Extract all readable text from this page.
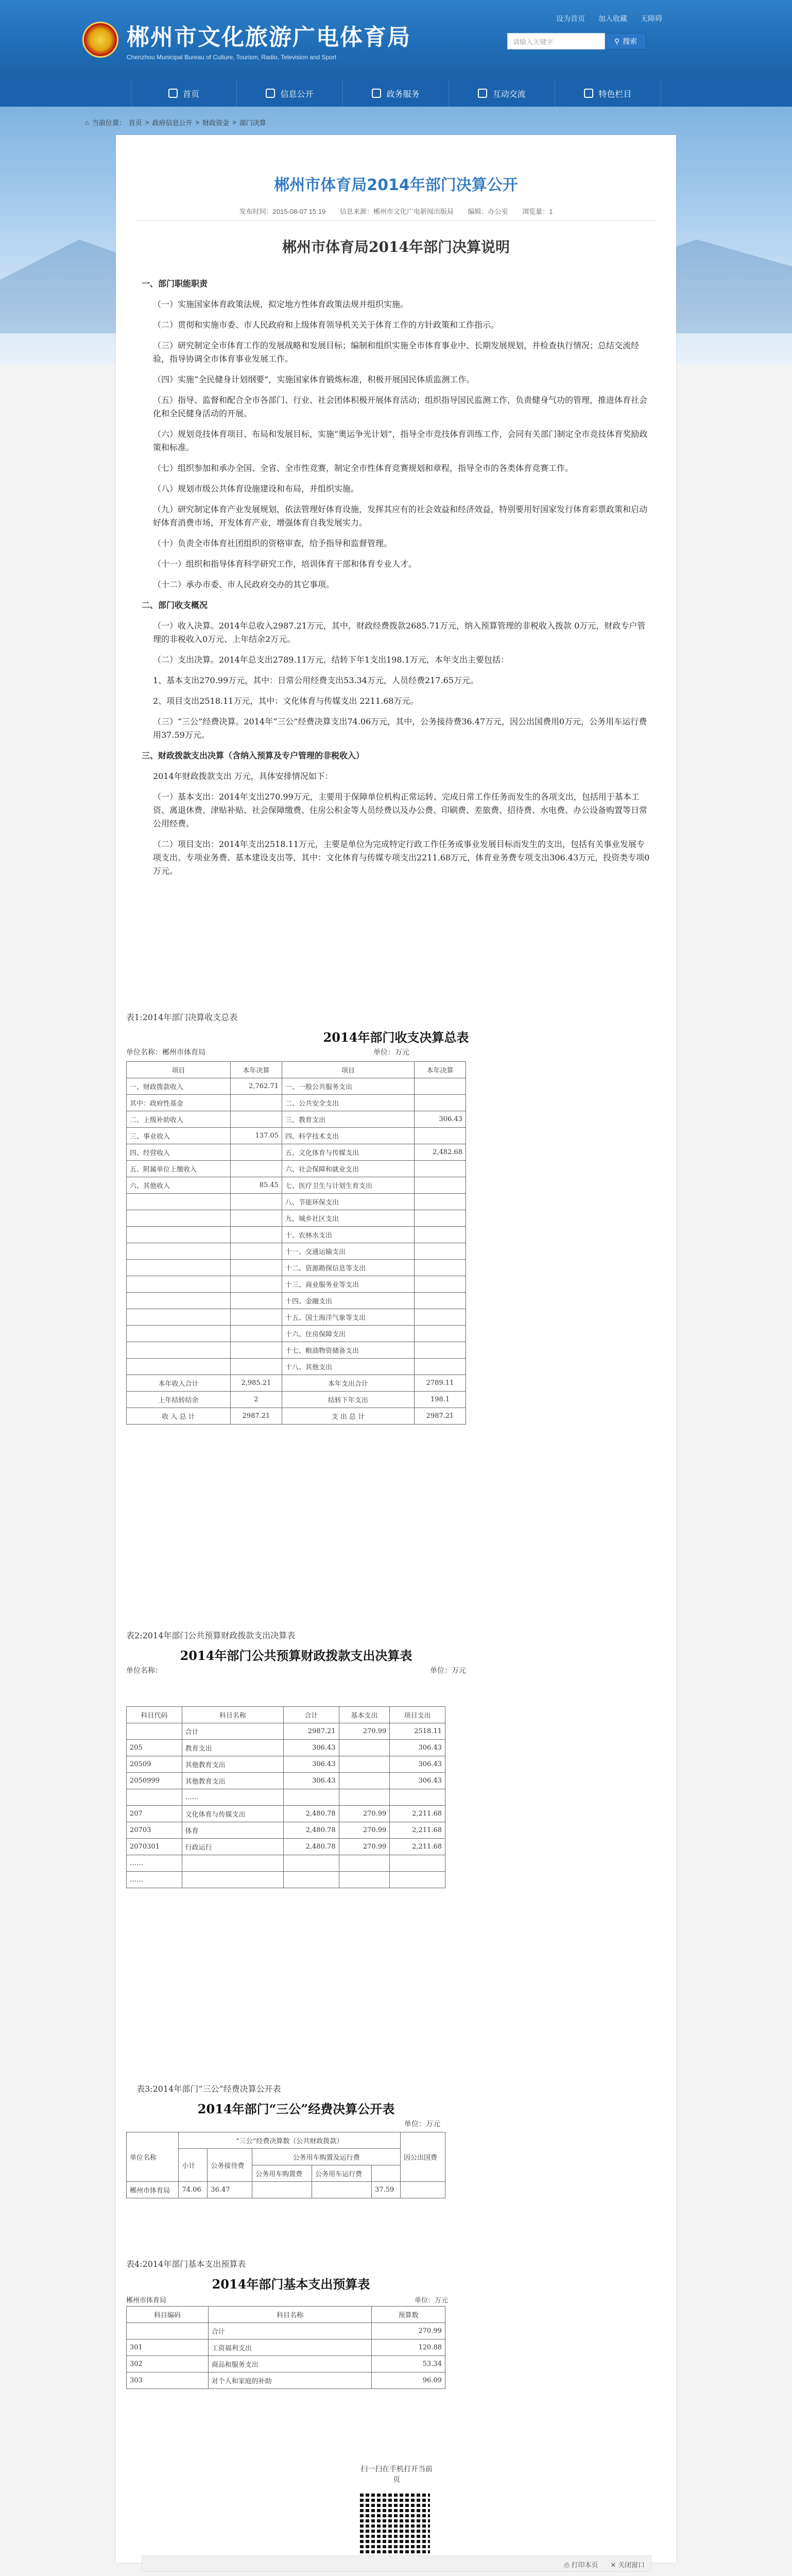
设为首页 加入收藏 无障碍
郴州市文化旅游广电体育局
Chenzhou Municipal Bureau of Culture, Tourism, Radio, Television and Sport
请输入关键字	⚲ 搜索
首页	信息公开	政务服务	互动交流	特色栏目
⌂ 当前位置： 首页 > 政府信息公开 > 财政资金 > 部门决算
郴州市体育局2014年部门决算公开
发布时间：2015-08-07 15:19 信息来源：郴州市文化广电新闻出版局 编辑：办公室 浏览量：1
郴州市体育局2014年部门决算说明

一、部门职能职责

（一）实施国家体育政策法规，拟定地方性体育政策法规并组织实施。

（二）贯彻和实施市委、市人民政府和上级体育领导机关关于体育工作的方针政策和工作指示。

（三）研究制定全市体育工作的发展战略和发展目标；编制和组织实施全市体育事业中、长期发展规划，并检查执行情况；总结交流经验，指导协调全市体育事业发展工作。

（四）实施“全民健身计划纲要”，实施国家体育锻炼标准，积极开展国民体质监测工作。

（五）指导、监督和配合全市各部门、行业、社会团体积极开展体育活动；组织指导国民监测工作，负责健身气功的管理，推进体育社会化和全民健身活动的开展。

（六）规划竞技体育项目、布局和发展目标，实施“奥运争光计划”，指导全市竞技体育训练工作，会同有关部门制定全市竞技体育奖励政策和标准。

（七）组织参加和承办全国、全省、全市性竞赛，制定全市性体育竞赛规划和章程，指导全市的各类体育竞赛工作。

（八）规划市级公共体育设施建设和布局，并组织实施。

（九）研究制定体育产业发展规划，依法管理好体育设施，发挥其应有的社会效益和经济效益，特别要用好国家发行体育彩票政策和启动好体育消费市场，开发体育产业，增强体育自我发展实力。

（十）负责全市体育社团组织的资格审查，给予指导和监督管理。

（十一）组织和指导体育科学研究工作，培训体育干部和体育专业人才。

（十二）承办市委、市人民政府交办的其它事项。

二、部门收支概况

（一）收入决算。2014年总收入2987.21万元，其中，财政经费拨款2685.71万元，纳入预算管理的非税收入拨款 0万元，财政专户管理的非税收入0万元、上年结余2万元。

（二）支出决算。2014年总支出2789.11万元，结转下年1支出198.1万元，本年支出主要包括：

1、基本支出270.99万元，其中：日常公用经费支出53.34万元，人员经费217.65万元。

2、项目支出2518.11万元，其中：文化体育与传媒支出 2211.68万元。

（三）“三公”经费决算。2014年“三公”经费决算支出74.06万元，其中，公务接待费36.47万元，因公出国费用0万元，公务用车运行费用37.59万元。

三、财政拨款支出决算（含纳入预算及专户管理的非税收入）

2014年财政拨款支出 万元，具体安排情况如下：

（一）基本支出：2014年支出270.99万元，主要用于保障单位机构正常运转、完成日常工作任务而发生的各项支出，包括用于基本工资、离退休费、津贴补贴、社会保障缴费、住房公积金等人员经费以及办公费、印刷费、差旅费、招待费、水电费、办公设备购置等日常公用经费。

（二）项目支出：2014年支出2518.11万元，主要是单位为完成特定行政工作任务或事业发展目标而发生的支出，包括有关事业发展专项支出、专项业务费、基本建设支出等，其中：文化体育与传媒专项支出2211.68万元，体育业务费专项支出306.43万元，投资类专项0万元。

表1:2014年部门决算收支总表
2014年部门收支决算总表
单位名称：郴州市体育局	单位：万元
项目	本年决算	项目	本年决算
一、财政拨款收入	2,762.71	一、一般公共服务支出	
其中：政府性基金		二、公共安全支出	
二、上级补助收入		三、教育支出	306.43
三、事业收入	137.05	四、科学技术支出	
四、经营收入		五、文化体育与传媒支出	2,482.68
五、附属单位上缴收入		六、社会保障和就业支出	
六、其他收入	85.45	七、医疗卫生与计划生育支出	
		八、节能环保支出	
		九、城乡社区支出	
		十、农林水支出	
		十一、交通运输支出	
		十二、资源勘探信息等支出	
		十三、商业服务业等支出	
		十四、金融支出	
		十五、国土海洋气象等支出	
		十六、住房保障支出	
		十七、粮油物资储备支出	
		十八、其他支出	
本年收入合计	2,985.21	本年支出合计	2789.11
上年结转结余	2	结转下年支出	198.1
收 入 总 计	2987.21	支 出 总 计	2987.21
表2:2014年部门公共预算财政拨款支出决算表
2014年部门公共预算财政拨款支出决算表
单位名称：	单位：万元
科目代码	科目名称	合计	基本支出	项目支出
	合计	2987.21	270.99	2518.11
205	教育支出	306.43		306.43
20509	其他教育支出	306.43		306.43
2050999	其他教育支出	306.43		306.43
	……			
207	文化体育与传媒支出	2,480.78	270.99	2,211.68
20703	体育	2,480.78	270.99	2,211.68
2070301	行政运行	2,480.78	270.99	2,211.68
……				
……				
表3:2014年部门“三公”经费决算公开表
2014年部门“三公”经费决算公开表
单位：万元
单位名称	“三公”经费决算数（公共财政拨款）					因公出国费
	小计	公务接待费	公务用车购置及运行费			
			公务用车购置费	公务用车运行费		
郴州市体育局	74.06	36.47			37.59	
表4:2014年部门基本支出预算表
2014年部门基本支出预算表
郴州市体育局	单位：万元
科目编码	科目名称	预算数
	合计	270.99
301	工资福利支出	120.88
302	商品和服务支出	53.34
303	对个人和家庭的补助	96.09
扫一扫在手机打开当前页
⎙ 打印本页 ✕ 关闭窗口
